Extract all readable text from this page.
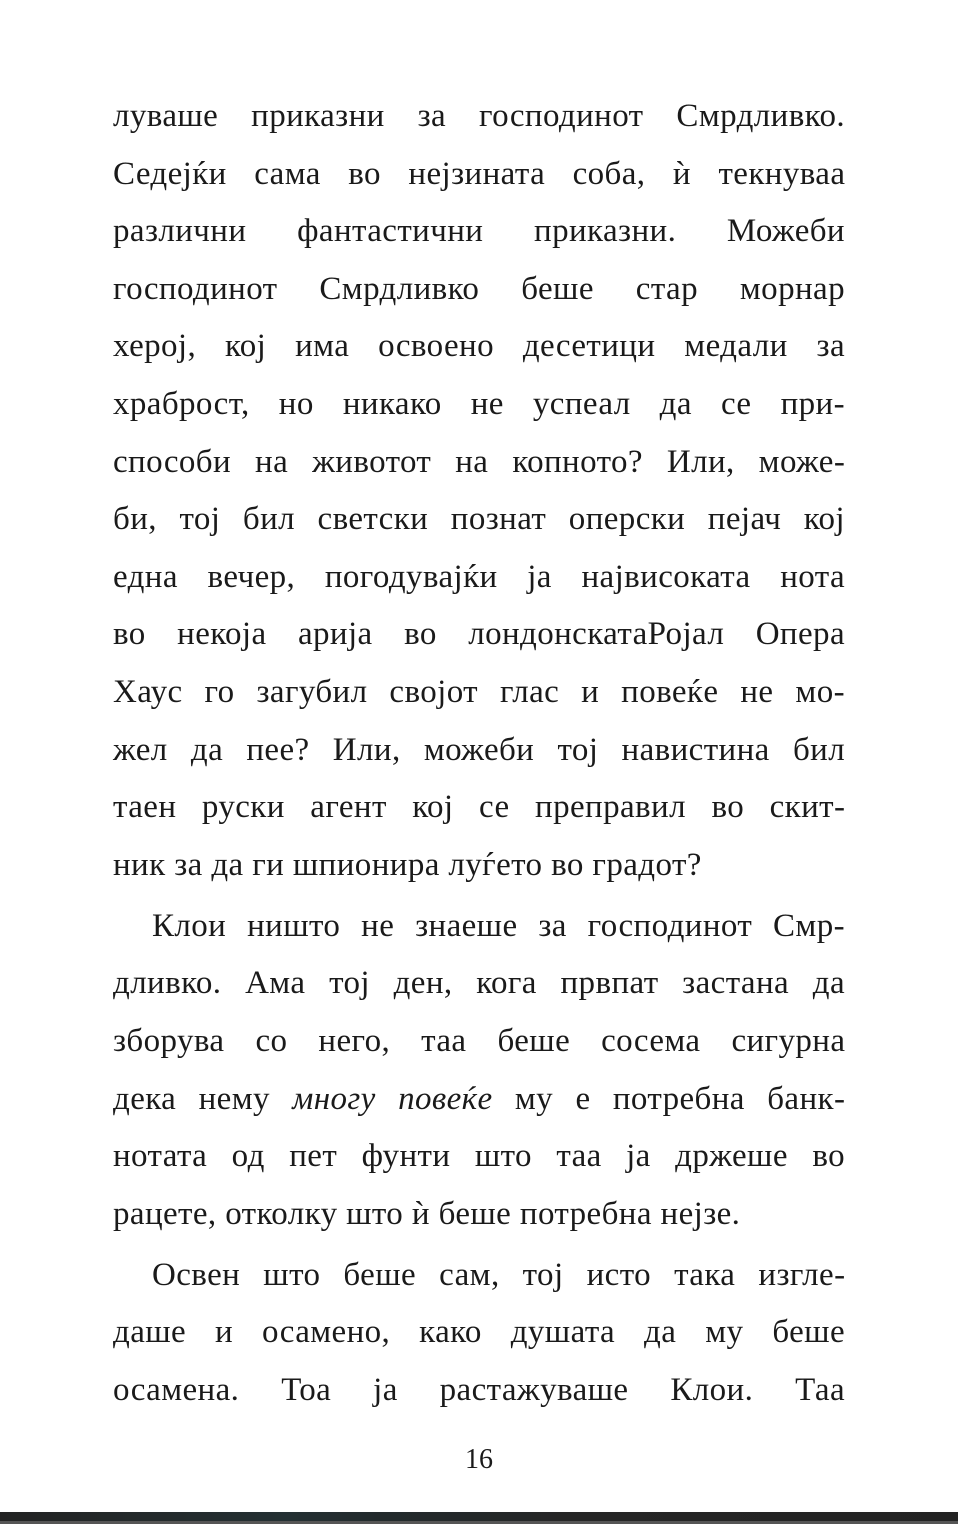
луваше приказни за господинот Смрдливко.
Седејќи сама во нејзината соба, ѝ текнуваа
различни фантастични приказни. Можеби
господинот Смрдливко беше стар морнар
херој, кој има освоено десетици медали за
храброст, но никако не успеал да се при-
способи на животот на копното? Или, може-
би, тој бил светски познат оперски пејач кој
една вечер, погодувајќи ја највисоката нота
во некоја арија во лондонскатаРојал Опера
Хаус го загубил својот глас и повеќе не мо-
жел да пее? Или, можеби тој навистина бил
таен руски агент кој се преправил во скит-
ник за да ги шпионира луѓето во градот?
Клои ништо не знаеше за господинот Смр-
дливко. Ама тој ден, кога првпат застана да
зборува со него, таа беше сосема сигурна
дека нему многу повеќе му е потребна банк-
нотата од пет фунти што таа ја држеше во
рацете, отколку што ѝ беше потребна нејзе.
Освен што беше сам, тој исто така изгле-
даше и осамено, како душата да му беше
осамена. Тоа ја растажуваше Клои. Таа
16
